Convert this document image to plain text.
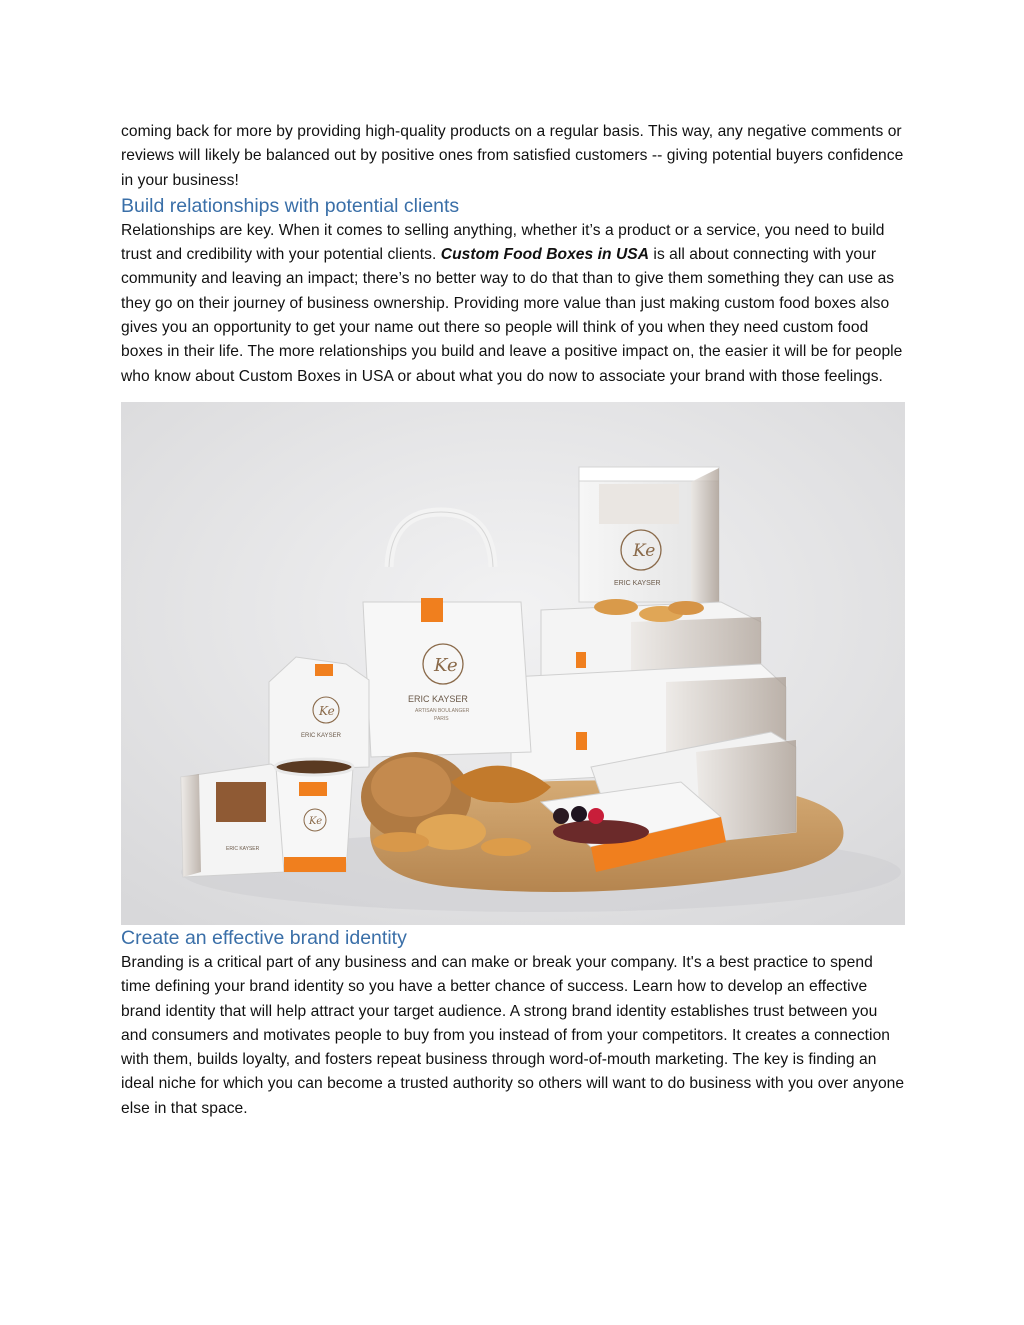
coming back for more by providing high-quality products on a regular basis. This way, any negative comments or reviews will likely be balanced out by positive ones from satisfied customers -- giving potential buyers confidence in your business!

Build relationships with potential clients

Relationships are key. When it comes to selling anything, whether it’s a product or a service, you need to build trust and credibility with your potential clients. Custom Food Boxes in USA is all about connecting with your community and leaving an impact; there’s no better way to do that than to give them something they can use as they go on their journey of business ownership. Providing more value than just making custom food boxes also gives you an opportunity to get your name out there so people will think of you when they need custom food boxes in their life. The more relationships you build and leave a positive impact on, the easier it will be for people who know about Custom Boxes in USA or about what you do now to associate your brand with those feelings.

Ke
ERIC KAYSER
Ke
ERIC KAYSER
ARTISAN BOULANGER
PARIS
Ke
ERIC KAYSER
ERIC KAYSER
Ke
Create an effective brand identity

Branding is a critical part of any business and can make or break your company. It's a best practice to spend time defining your brand identity so you have a better chance of success. Learn how to develop an effective brand identity that will help attract your target audience. A strong brand identity establishes trust between you and consumers and motivates people to buy from you instead of from your competitors. It creates a connection with them, builds loyalty, and fosters repeat business through word-of-mouth marketing. The key is finding an ideal niche for which you can become a trusted authority so others will want to do business with you over anyone else in that space.
